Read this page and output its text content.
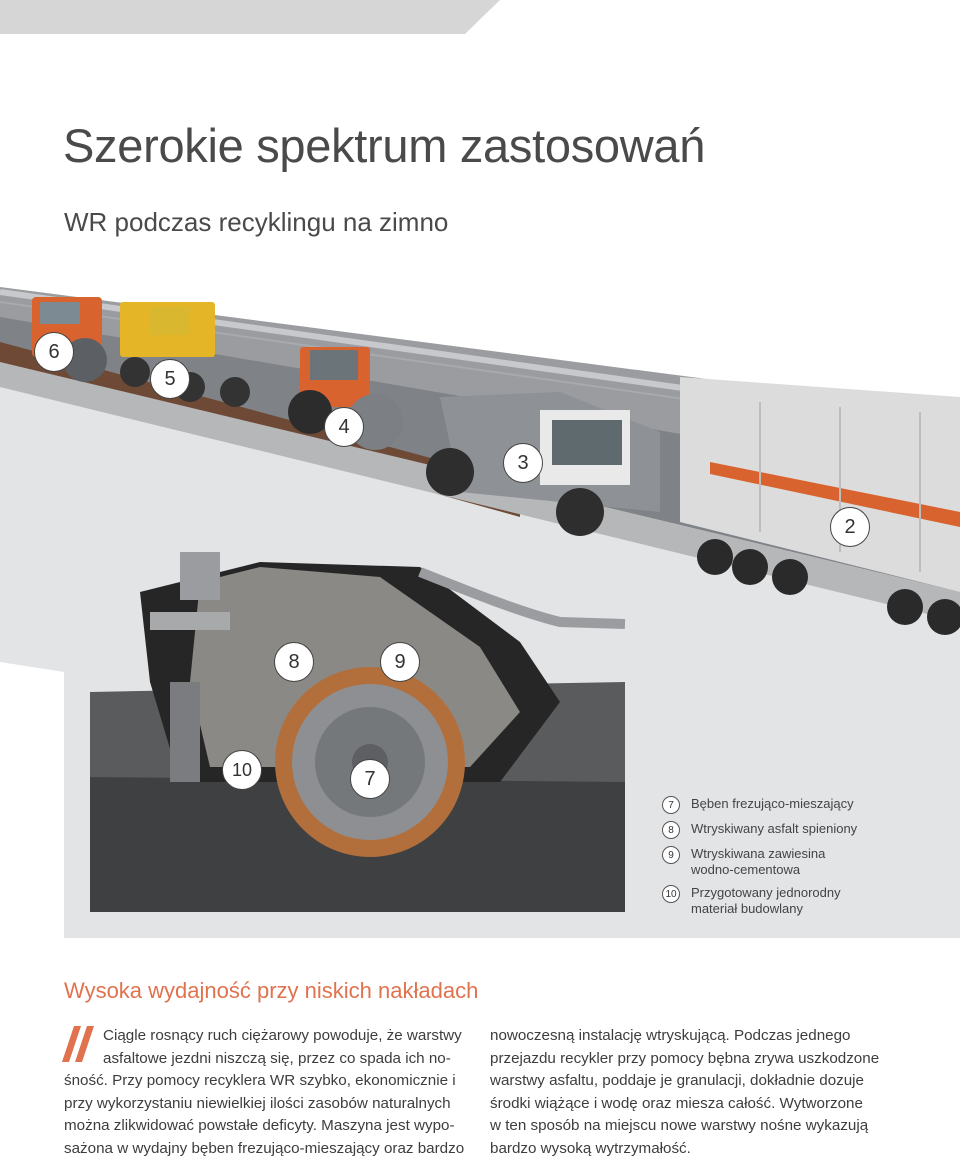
Szerokie spektrum zastosowań
WR podczas recyklingu na zimno
6
5
4
3
2
8	9
10	7
7	Bęben frezująco-mieszający
8	Wtryskiwany asfalt spieniony
9	Wtryskiwana zawiesina wodno-cementowa
10 Przygotowany jednorodny materiał budowlany
Wysoka wydajność przy niskich nakładach
Ciągle rosnący ruch ciężarowy powoduje, że warstwy
asfaltowe jezdni niszczą się, przez co spada ich no-
śność. Przy pomocy recyklera WR szybko, ekonomicznie i
przy wykorzystaniu niewielkiej ilości zasobów naturalnych
można zlikwidować powstałe deficyty. Maszyna jest wypo-
sażona w wydajny bęben frezująco-mieszający oraz bardzo
nowoczesną instalację wtryskującą. Podczas jednego
przejazdu recykler przy pomocy bębna zrywa uszkodzone
warstwy asfaltu, poddaje je granulacji, dokładnie dozuje
środki wiążące i wodę oraz miesza całość. Wytworzone
w ten sposób na miejscu nowe warstwy nośne wykazują
bardzo wysoką wytrzymałość.
